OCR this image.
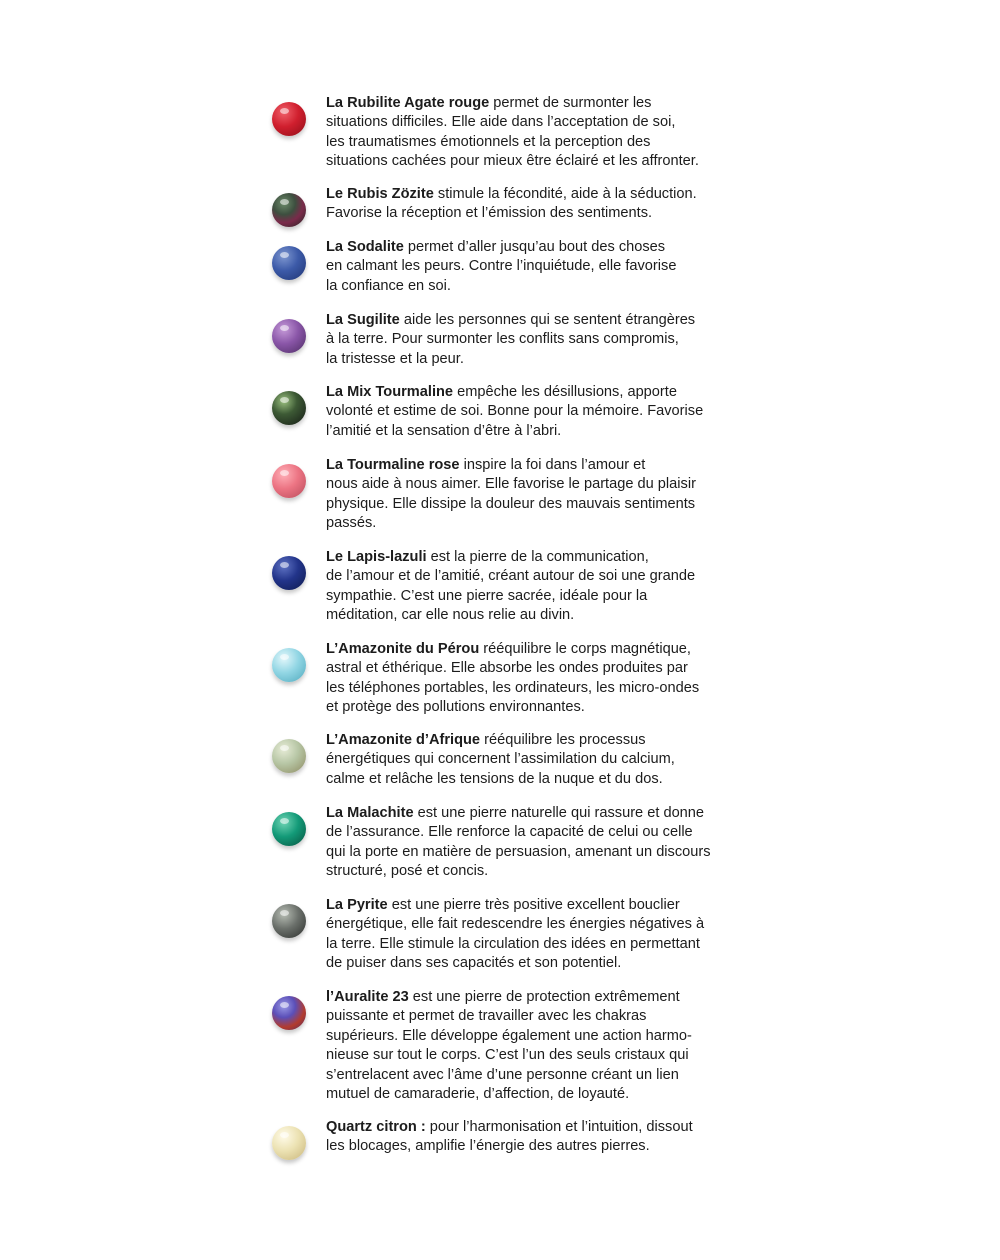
La Rubilite Agate rouge permet de surmonter les
situations difficiles. Elle aide dans l’acceptation de soi,
les traumatismes émotionnels et la perception des
situations cachées pour mieux être éclairé et les affronter.

Le Rubis Zözite stimule la fécondité, aide à la séduction.
Favorise la réception et l’émission des sentiments.

La Sodalite permet d’aller jusqu’au bout des choses
en calmant les peurs. Contre l’inquiétude, elle favorise
la confiance en soi.

La Sugilite aide les personnes qui se sentent étrangères
à la terre. Pour surmonter les conflits sans compromis,
la tristesse et la peur.

La Mix Tourmaline empêche les désillusions, apporte
volonté et estime de soi. Bonne pour la mémoire. Favorise
l’amitié et la sensation d’être à l’abri.

La Tourmaline rose inspire la foi dans l’amour et
nous aide à nous aimer. Elle favorise le partage du plaisir
physique. Elle dissipe la douleur des mauvais sentiments
passés.

Le Lapis-lazuli est la pierre de la communication,
de l’amour et de l’amitié, créant autour de soi une grande
sympathie. C’est une pierre sacrée, idéale pour la
méditation, car elle nous relie au divin.

L’Amazonite du Pérou rééquilibre le corps magnétique,
astral et éthérique. Elle absorbe les ondes produites par
les téléphones portables, les ordinateurs, les micro-ondes
et protège des pollutions environnantes.

L’Amazonite d’Afrique rééquilibre les processus
énergétiques qui concernent l’assimilation du calcium,
calme et relâche les tensions de la nuque et du dos.

La Malachite est une pierre naturelle qui rassure et donne
de l’assurance. Elle renforce la capacité de celui ou celle
qui la porte en matière de persuasion, amenant un discours
structuré, posé et concis.

La Pyrite est une pierre très positive excellent bouclier
énergétique, elle fait redescendre les énergies négatives à
la terre. Elle stimule la circulation des idées en permettant
de puiser dans ses capacités et son potentiel.

l’Auralite 23 est une pierre de protection extrêmement
puissante et permet de travailler avec les chakras
supérieurs. Elle développe également une action harmo-
nieuse sur tout le corps. C’est l’un des seuls cristaux qui
s’entrelacent avec l’âme d’une personne créant un lien
mutuel de camaraderie, d’affection, de loyauté.

Quartz citron : pour l’harmonisation et l’intuition, dissout
les blocages, amplifie l’énergie des autres pierres.
